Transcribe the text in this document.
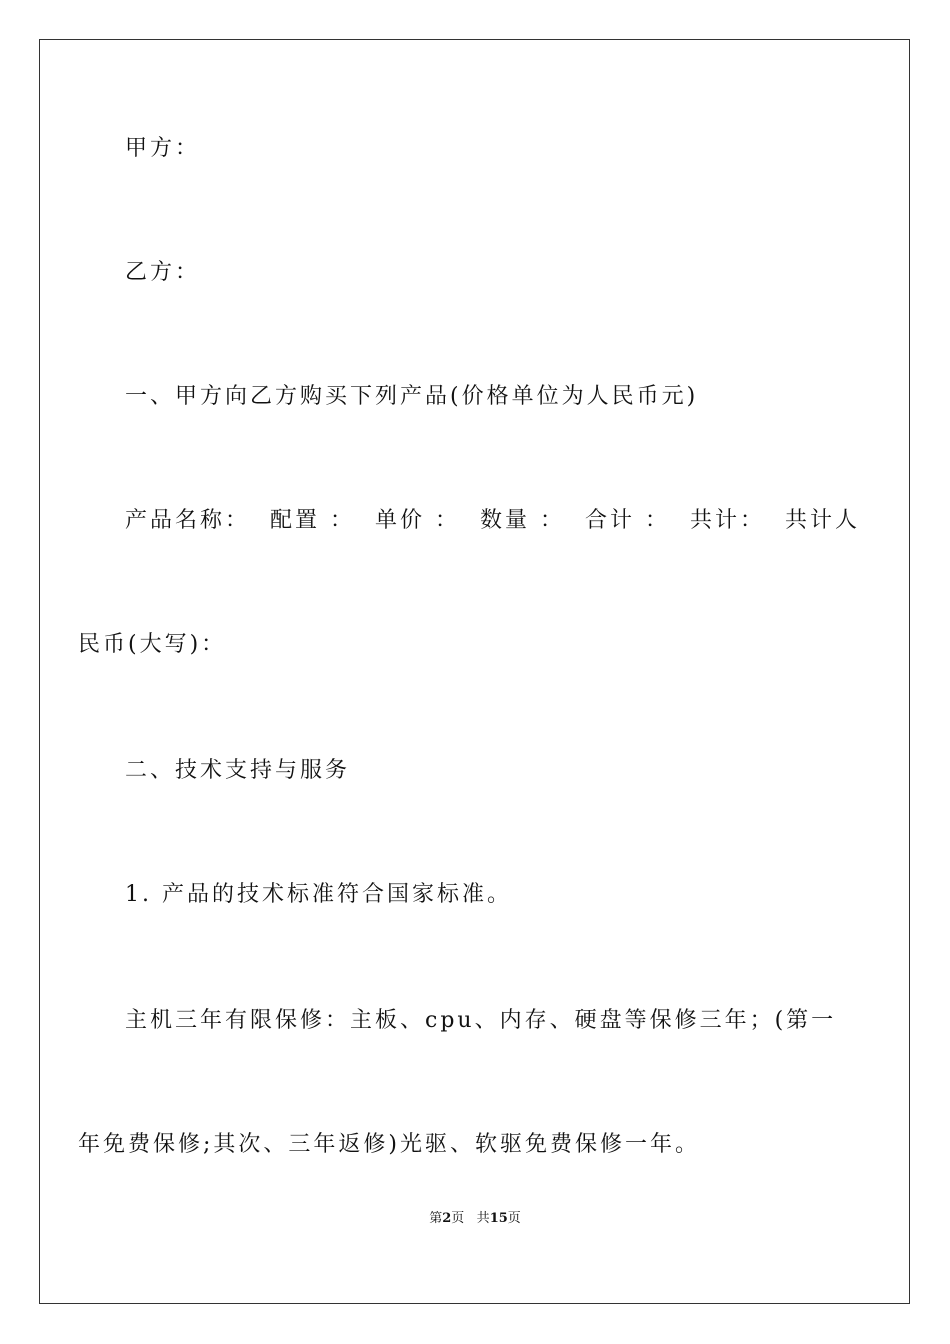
甲方：
乙方：
一、甲方向乙方购买下列产品(价格单位为人民币元)
产品名称： 配置 ： 单价 ： 数量 ： 合计 ： 共计： 共计人
民币(大写)：
二、技术支持与服务
1. 产品的技术标准符合国家标准。
主机三年有限保修：主板、cpu、内存、硬盘等保修三年；(第一
年免费保修;其次、三年返修)光驱、软驱免费保修一年。
第2页 共15页
